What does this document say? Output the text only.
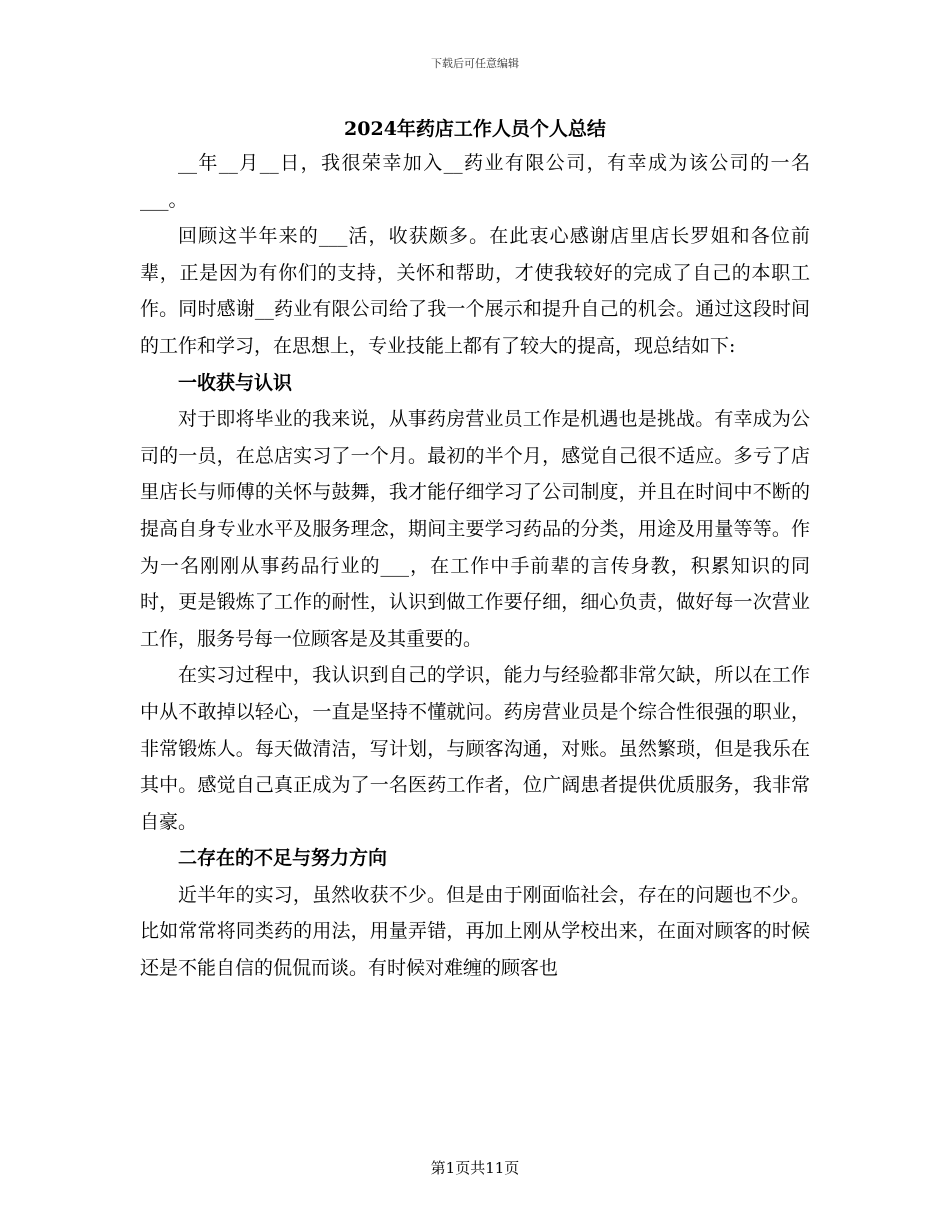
下载后可任意编辑
2024年药店工作人员个人总结

__年__月__日，我很荣幸加入__药业有限公司，有幸成为该公司的一名___。

回顾这半年来的___活，收获颇多。在此衷心感谢店里店长罗姐和各位前辈，正是因为有你们的支持，关怀和帮助，才使我较好的完成了自己的本职工作。同时感谢__药业有限公司给了我一个展示和提升自己的机会。通过这段时间的工作和学习，在思想上，专业技能上都有了较大的提高，现总结如下:

一收获与认识

对于即将毕业的我来说，从事药房营业员工作是机遇也是挑战。有幸成为公司的一员，在总店实习了一个月。最初的半个月，感觉自己很不适应。多亏了店里店长与师傅的关怀与鼓舞，我才能仔细学习了公司制度，并且在时间中不断的提高自身专业水平及服务理念，期间主要学习药品的分类，用途及用量等等。作为一名刚刚从事药品行业的___，在工作中手前辈的言传身教，积累知识的同时，更是锻炼了工作的耐性，认识到做工作要仔细，细心负责，做好每一次营业工作，服务号每一位顾客是及其重要的。

在实习过程中，我认识到自己的学识，能力与经验都非常欠缺，所以在工作中从不敢掉以轻心，一直是坚持不懂就问。药房营业员是个综合性很强的职业，非常锻炼人。每天做清洁，写计划，与顾客沟通，对账。虽然繁琐，但是我乐在其中。感觉自己真正成为了一名医药工作者，位广阔患者提供优质服务，我非常自豪。

二存在的不足与努力方向

近半年的实习，虽然收获不少。但是由于刚面临社会，存在的问题也不少。比如常常将同类药的用法，用量弄错，再加上刚从学校出来，在面对顾客的时候还是不能自信的侃侃而谈。有时候对难缠的顾客也

第1页共11页
